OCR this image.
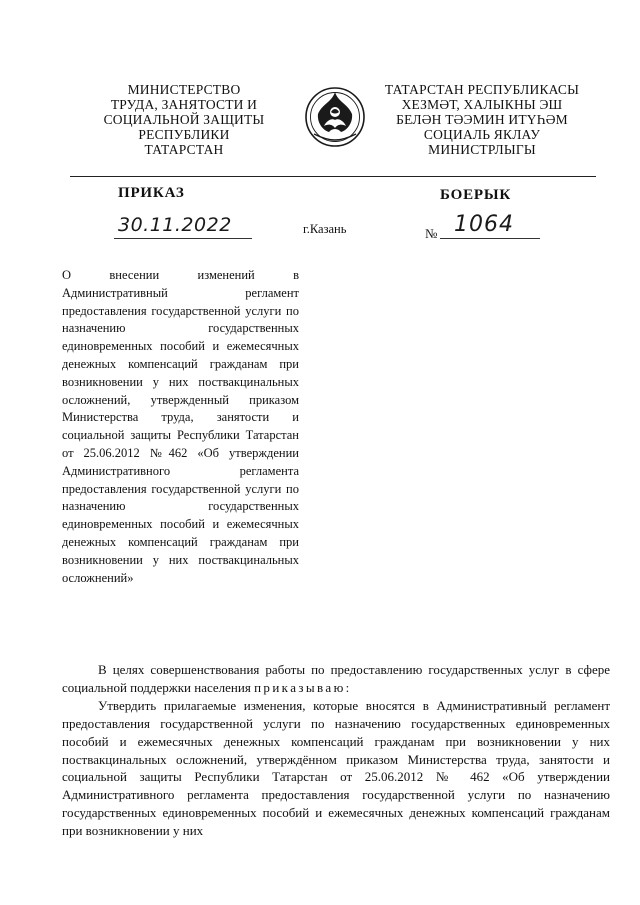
МИНИСТЕРСТВО
ТРУДА, ЗАНЯТОСТИ И
СОЦИАЛЬНОЙ ЗАЩИТЫ
РЕСПУБЛИКИ
ТАТАРСТАН
ТАТАРСТАН РЕСПУБЛИКАСЫ
ХЕЗМӘТ, ХАЛЫКНЫ ЭШ
БЕЛӘН ТӘЭМИН ИТҮҺӘМ
СОЦИАЛЬ ЯКЛАУ
МИНИСТРЛЫГЫ
ПРИКАЗ	БОЕРЫК
30.11.2022	г.Казань	№ 1064
О внесении изменений в Административный регламент предоставления государственной услуги по назначению государственных единовременных пособий и ежемесячных денежных компенсаций гражданам при возникновении у них поствакцинальных осложнений, утвержденный приказом Министерства труда, занятости и социальной защиты Республики Татарстан от 25.06.2012 №462 «Об утверждении Административного регламента предоставления государственной услуги по назначению государственных единовременных пособий и ежемесячных денежных компенсаций гражданам при возникновении у них поствакцинальных осложнений»

В целях совершенствования работы по предоставлению государственных услуг в сфере социальной поддержки населения приказываю:

Утвердить прилагаемые изменения, которые вносятся в Административный регламент предоставления государственной услуги по назначению государственных единовременных пособий и ежемесячных денежных компенсаций гражданам при возникновении у них поствакцинальных осложнений, утверждённом приказом Министерства труда, занятости и социальной защиты Республики Татарстан от 25.06.2012 № 462 «Об утверждении Административного регламента предоставления государственной услуги по назначению государственных единовременных пособий и ежемесячных денежных компенсаций гражданам при возникновении у них
